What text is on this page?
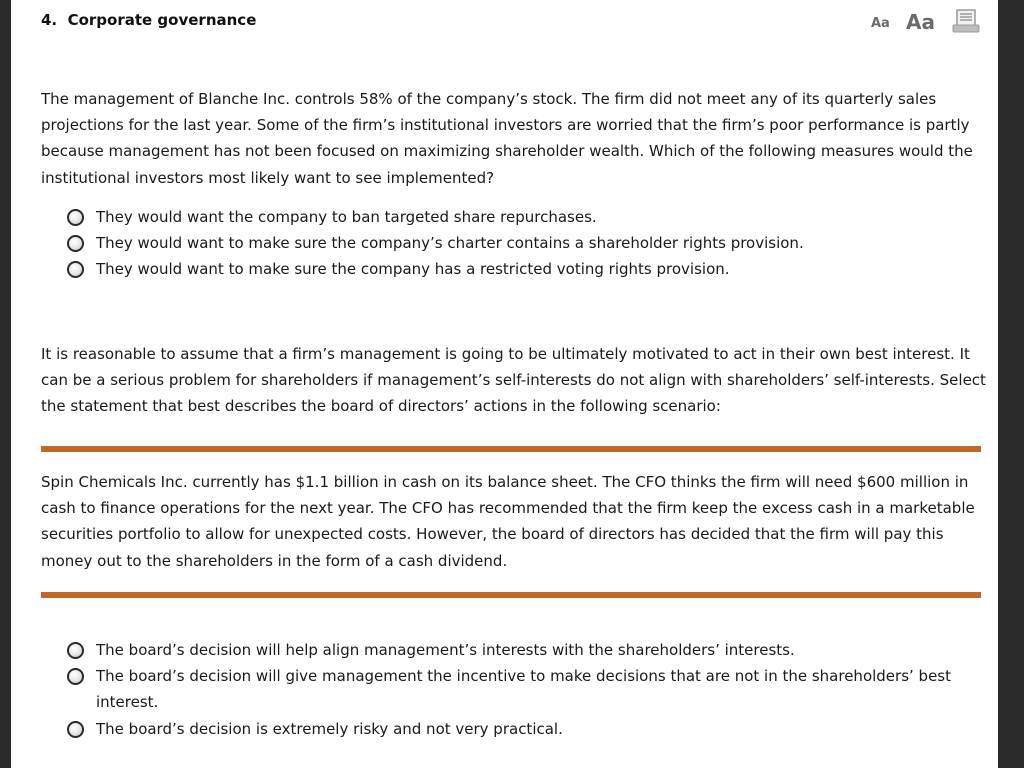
4. Corporate governance	Aa Aa

The management of Blanche Inc. controls 58% of the company’s stock. The firm did not meet any of its quarterly sales projections for the last year. Some of the firm’s institutional investors are worried that the firm’s poor performance is partly because management has not been focused on maximizing shareholder wealth. Which of the following measures would the institutional investors most likely want to see implemented?

They would want the company to ban targeted share repurchases.
They would want to make sure the company’s charter contains a shareholder rights provision.
They would want to make sure the company has a restricted voting rights provision.

It is reasonable to assume that a firm’s management is going to be ultimately motivated to act in their own best interest. It can be a serious problem for shareholders if management’s self-interests do not align with shareholders’ self-interests. Select the statement that best describes the board of directors’ actions in the following scenario:

Spin Chemicals Inc. currently has $1.1 billion in cash on its balance sheet. The CFO thinks the firm will need $600 million in cash to finance operations for the next year. The CFO has recommended that the firm keep the excess cash in a marketable securities portfolio to allow for unexpected costs. However, the board of directors has decided that the firm will pay this money out to the shareholders in the form of a cash dividend.

The board’s decision will help align management’s interests with the shareholders’ interests.
The board’s decision will give management the incentive to make decisions that are not in the shareholders’ best interest.
The board’s decision is extremely risky and not very practical.
